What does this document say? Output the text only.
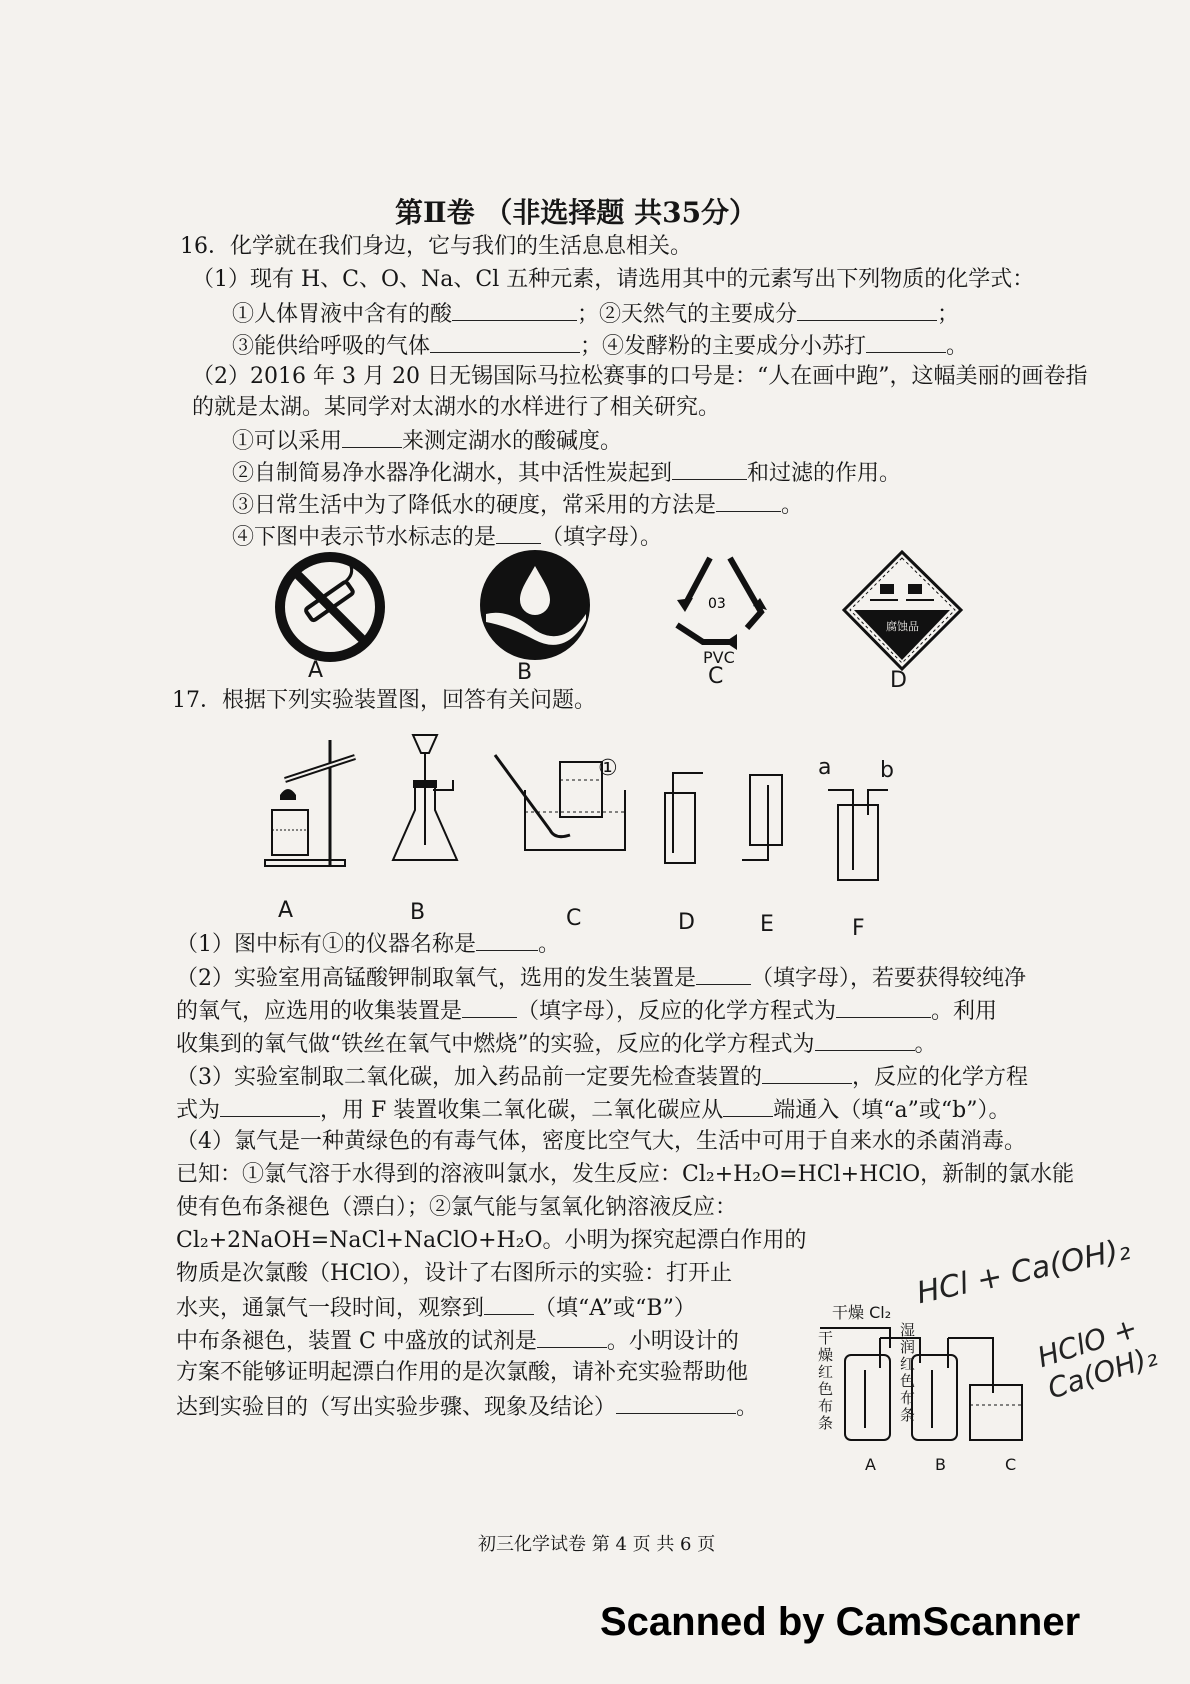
第Ⅱ卷 （非选择题 共35分）
16．化学就在我们身边，它与我们的生活息息相关。
（1）现有 H、C、O、Na、Cl 五种元素，请选用其中的元素写出下列物质的化学式：
①人体胃液中含有的酸	；②天然气的主要成分	；
③能供给呼吸的气体	；④发酵粉的主要成分小苏打	。
（2）2016 年 3 月 20 日无锡国际马拉松赛事的口号是：“人在画中跑”，这幅美丽的画卷指
的就是太湖。某同学对太湖水的水样进行了相关研究。
①可以采用	来测定湖水的酸碱度。
②自制简易净水器净化湖水，其中活性炭起到	和过滤的作用。
③日常生活中为了降低水的硬度，常采用的方法是	。
④下图中表示节水标志的是 （填字母）。
A	B
03
PVC
C
腐蚀品
D
17．根据下列实验装置图，回答有关问题。
①	a b
A	B	C	D	E	F
（1）图中标有①的仪器名称是	。
（2）实验室用高锰酸钾制取氧气，选用的发生装置是	（填字母），若要获得较纯净
的氧气，应选用的收集装置是	（填字母），反应的化学方程式为	。利用
收集到的氧气做“铁丝在氧气中燃烧”的实验，反应的化学方程式为	。
（3）实验室制取二氧化碳，加入药品前一定要先检查装置的	，反应的化学方程
式为	，用 F 装置收集二氧化碳，二氧化碳应从 端通入（填“a”或“b”）。
（4）氯气是一种黄绿色的有毒气体，密度比空气大，生活中可用于自来水的杀菌消毒。
已知：①氯气溶于水得到的溶液叫氯水，发生反应：Cl₂+H₂O=HCl+HClO，新制的氯水能
使有色布条褪色（漂白）；②氯气能与氢氧化钠溶液反应：
Cl₂+2NaOH=NaCl+NaClO+H₂O。小明为探究起漂白作用的
物质是次氯酸（HClO），设计了右图所示的实验：打开止
水夹，通氯气一段时间，观察到 （填“A”或“B”）
中布条褪色，装置 C 中盛放的试剂是	。小明设计的
方案不能够证明起漂白作用的是次氯酸，请补充实验帮助他
达到实验目的（写出实验步骤、现象及结论）	。
干燥 Cl₂
干燥红色布条
湿润红色布条
A	B	C
HCl + Ca(OH)₂
HClO + Ca(OH)₂
初三化学试卷 第 4 页 共 6 页
Scanned by CamScanner
